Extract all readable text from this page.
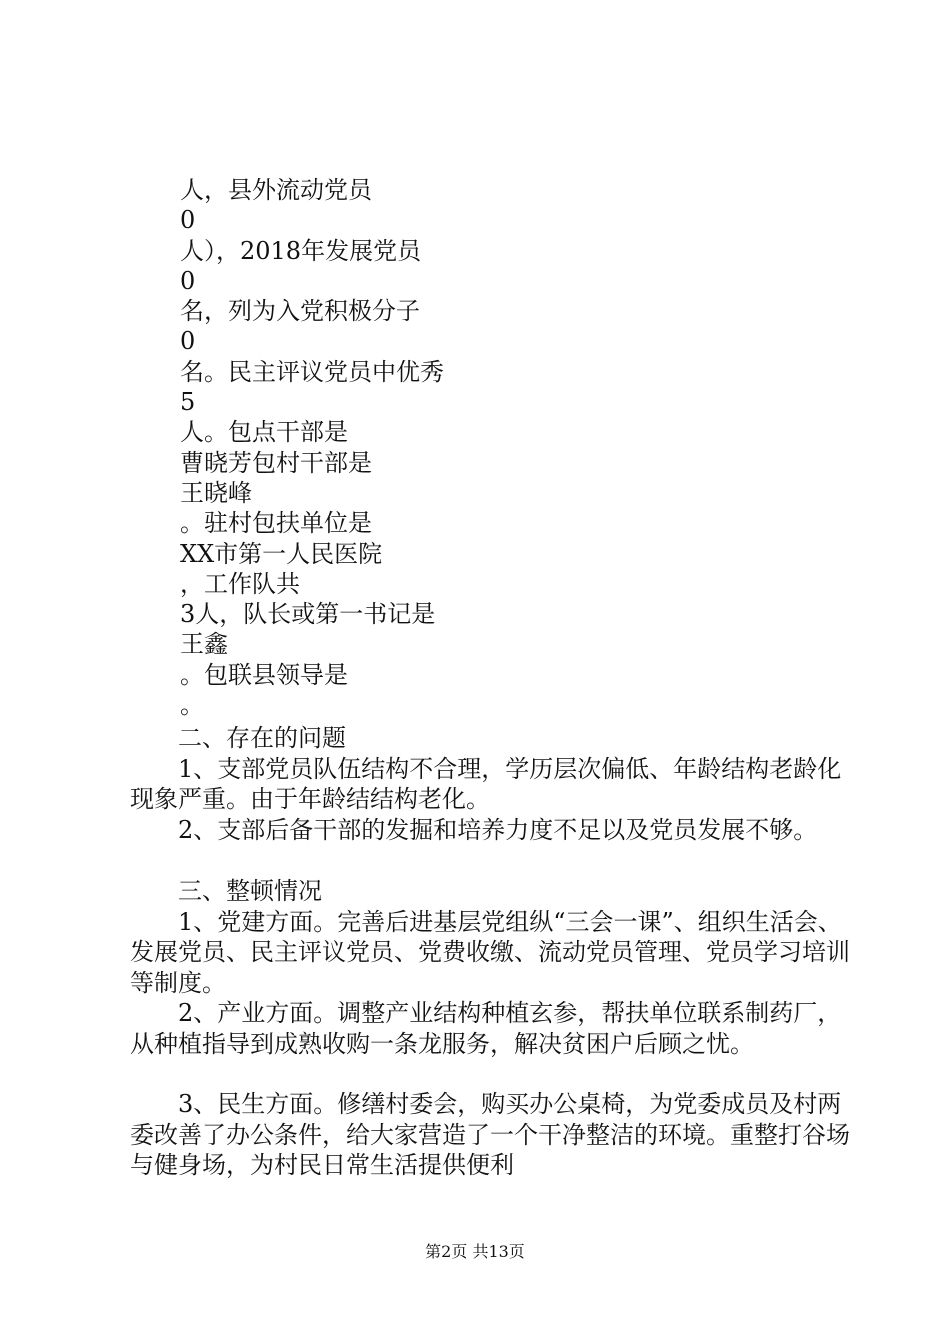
人，县外流动党员
0
人），2018年发展党员
0
名，列为入党积极分子
0
名。民主评议党员中优秀
5
人。包点干部是
曹晓芳包村干部是
王晓峰
。驻村包扶单位是
XX市第一人民医院
，工作队共
3人，队长或第一书记是
王鑫
。包联县领导是
。

二、存在的问题

1、支部党员队伍结构不合理，学历层次偏低、年龄结构老龄化现象严重。由于年龄结结构老化。

2、支部后备干部的发掘和培养力度不足以及党员发展不够。

三、整顿情况

1、党建方面。完善后进基层党组纵“三会一课”、组织生活会、发展党员、民主评议党员、党费收缴、流动党员管理、党员学习培训等制度。

2、产业方面。调整产业结构种植玄参，帮扶单位联系制药厂，从种植指导到成熟收购一条龙服务，解决贫困户后顾之忧。

3、民生方面。修缮村委会，购买办公桌椅，为党委成员及村两委改善了办公条件，给大家营造了一个干净整洁的环境。重整打谷场与健身场，为村民日常生活提供便利

第2页 共13页
